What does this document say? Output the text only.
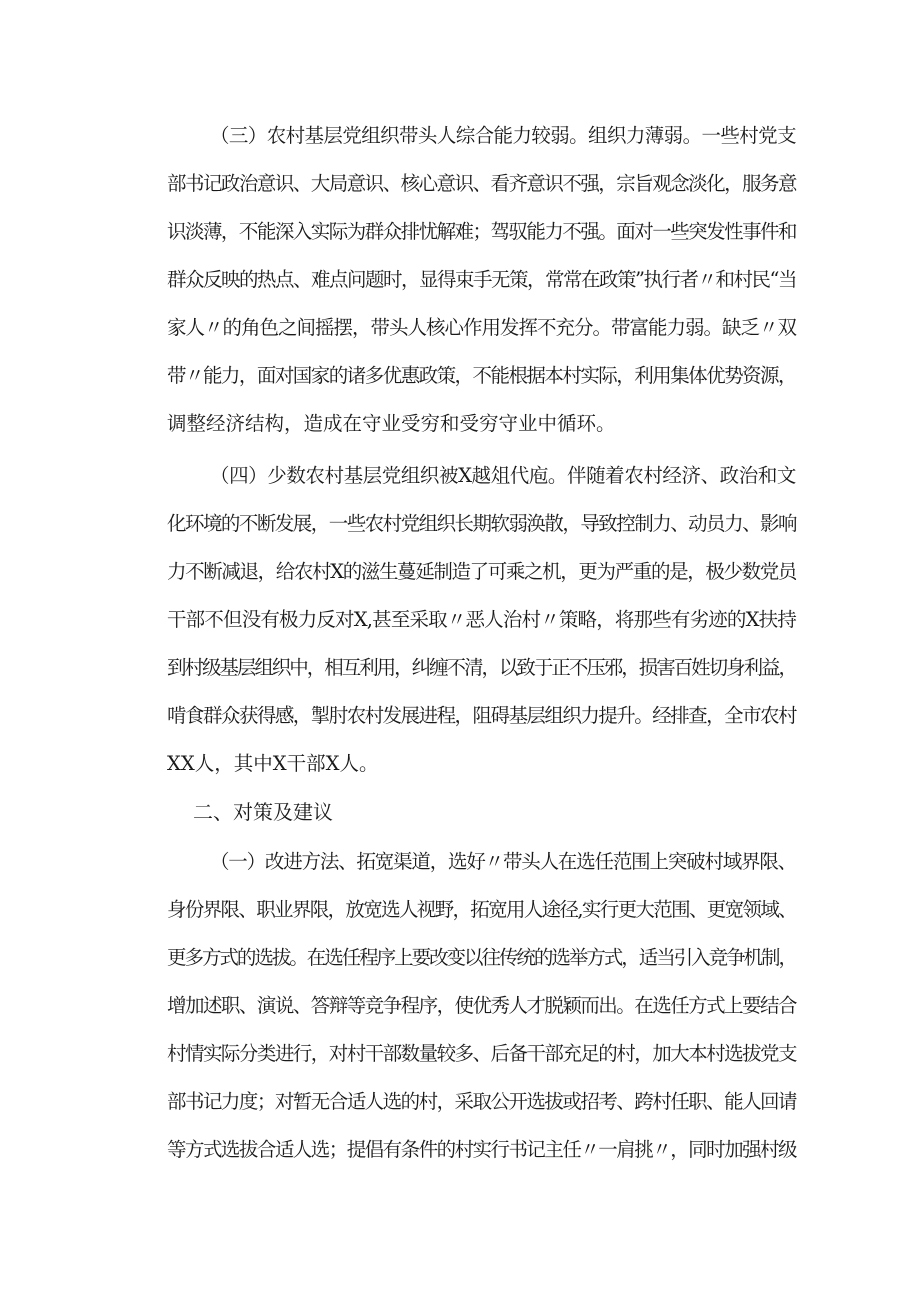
（三）农村基层党组织带头人综合能力较弱。组织力薄弱。一些村党支
部书记政治意识、大局意识、核心意识、看齐意识不强，宗旨观念淡化，服务意
识淡薄，不能深入实际为群众排忧解难；驾驭能力不强。面对一些突发性事件和
群众反映的热点、难点问题时，显得束手无策，常常在政策”执行者〃和村民“当
家人〃的角色之间摇摆，带头人核心作用发挥不充分。带富能力弱。缺乏〃双
带〃能力，面对国家的诸多优惠政策，不能根据本村实际，利用集体优势资源，
调整经济结构，造成在守业受穷和受穷守业中循环。
（四）少数农村基层党组织被X越俎代庖。伴随着农村经济、政治和文
化环境的不断发展，一些农村党组织长期软弱涣散，导致控制力、动员力、影响
力不断减退，给农村X的滋生蔓延制造了可乘之机，更为严重的是，极少数党员
干部不但没有极力反对X,甚至采取〃恶人治村〃策略，将那些有劣迹的X扶持
到村级基层组织中，相互利用，纠缠不清，以致于正不压邪，损害百姓切身利益，
啃食群众获得感，掣肘农村发展进程，阻碍基层组织力提升。经排查，全市农村
XX人，其中X干部X人。
二、对策及建议
（一）改进方法、拓宽渠道，选好〃带头人在选任范围上突破村域界限、
身份界限、职业界限，放宽选人视野，拓宽用人途径,实行更大范围、更宽领域、
更多方式的选拔。在选任程序上要改变以往传统的选举方式，适当引入竞争机制，
增加述职、演说、答辩等竞争程序，使优秀人才脱颖而出。在选任方式上要结合
村情实际分类进行，对村干部数量较多、后备干部充足的村，加大本村选拔党支
部书记力度；对暂无合适人选的村，采取公开选拔或招考、跨村任职、能人回请
等方式选拔合适人选；提倡有条件的村实行书记主任〃一肩挑〃，同时加强村级
